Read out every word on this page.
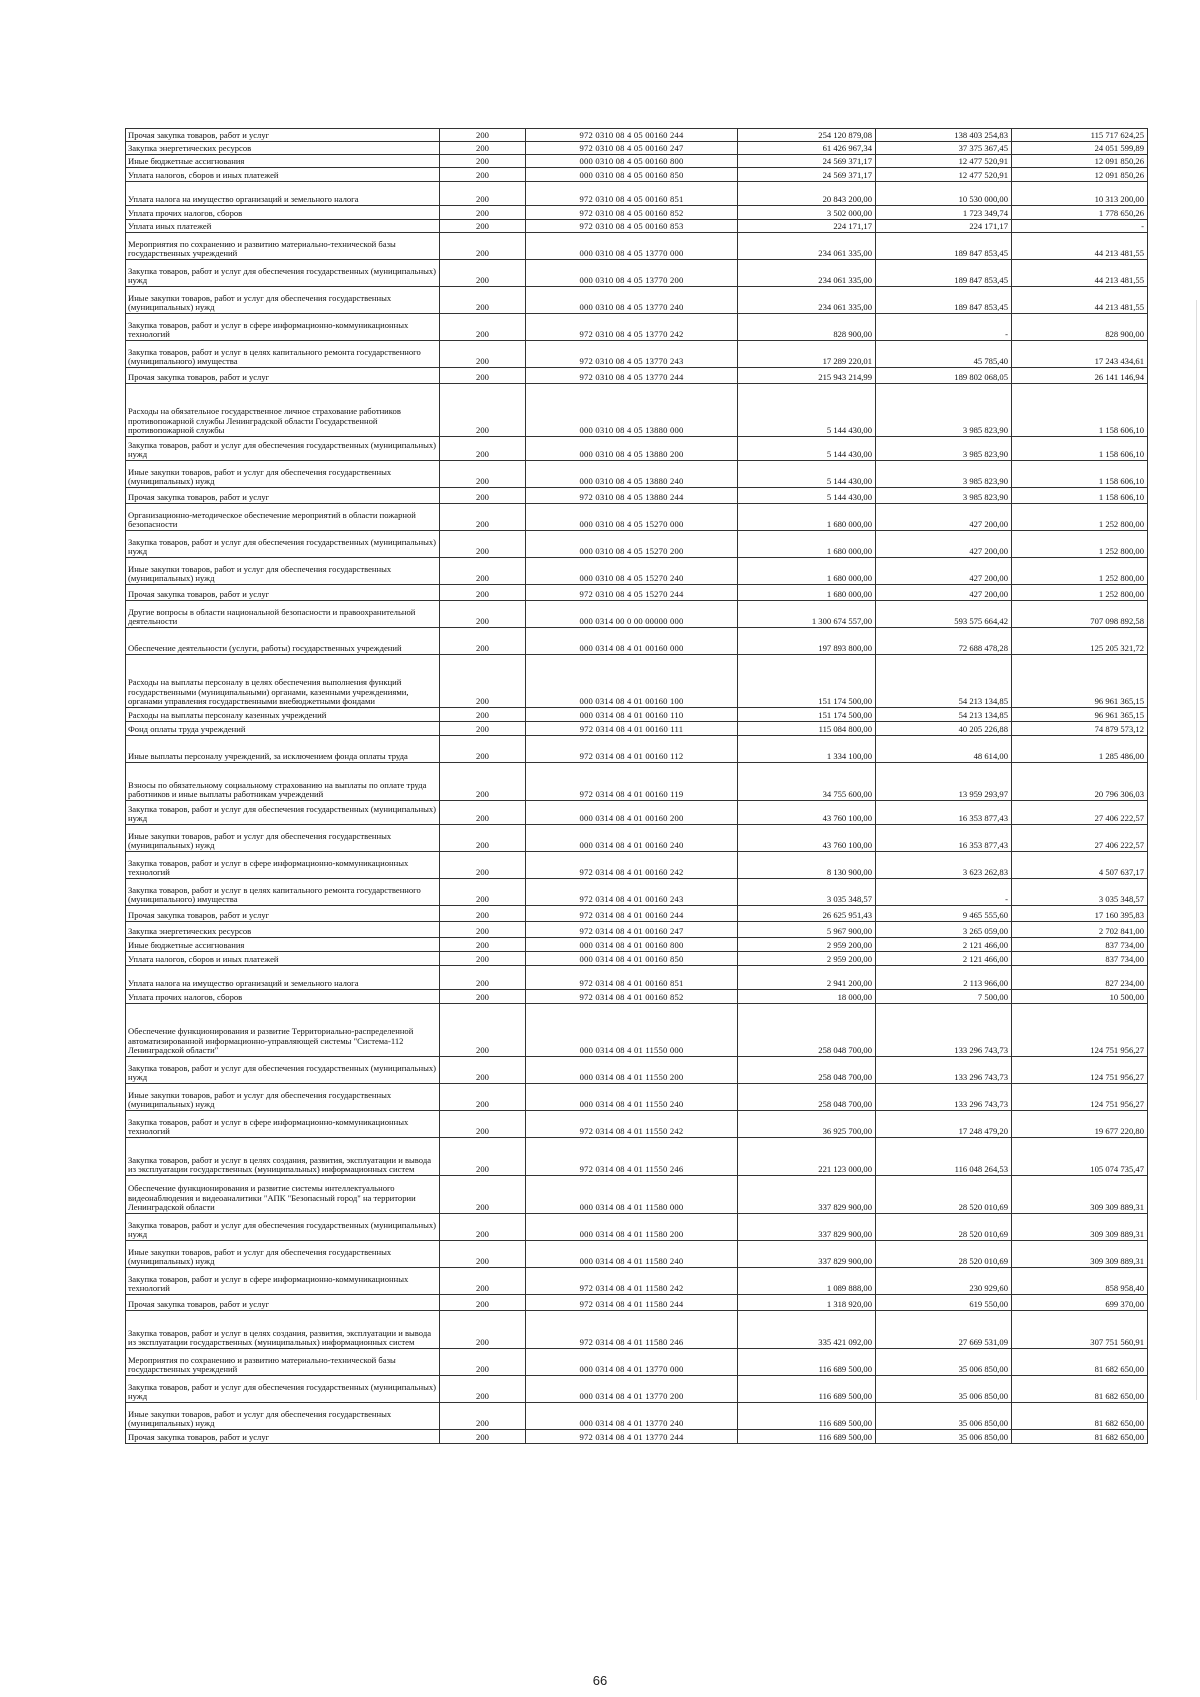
Прочая закупка товаров, работ и услуг	200	972 0310 08 4 05 00160 244	254 120 879,08	138 403 254,83	115 717 624,25
Закупка энергетических ресурсов	200	972 0310 08 4 05 00160 247	61 426 967,34	37 375 367,45	24 051 599,89
Иные бюджетные ассигнования	200	000 0310 08 4 05 00160 800	24 569 371,17	12 477 520,91	12 091 850,26
Уплата налогов, сборов и иных платежей	200	000 0310 08 4 05 00160 850	24 569 371,17	12 477 520,91	12 091 850,26
Уплата налога на имущество организаций и земельного налога	200	972 0310 08 4 05 00160 851	20 843 200,00	10 530 000,00	10 313 200,00
Уплата прочих налогов, сборов	200	972 0310 08 4 05 00160 852	3 502 000,00	1 723 349,74	1 778 650,26
Уплата иных платежей	200	972 0310 08 4 05 00160 853	224 171,17	224 171,17	-
Мероприятия по сохранению и развитию материально-технической базы государственных учреждений	200	000 0310 08 4 05 13770 000	234 061 335,00	189 847 853,45	44 213 481,55
Закупка товаров, работ и услуг для обеспечения государственных (муниципальных) нужд	200	000 0310 08 4 05 13770 200	234 061 335,00	189 847 853,45	44 213 481,55
Иные закупки товаров, работ и услуг для обеспечения государственных (муниципальных) нужд	200	000 0310 08 4 05 13770 240	234 061 335,00	189 847 853,45	44 213 481,55
Закупка товаров, работ и услуг в сфере информационно-коммуникационных технологий	200	972 0310 08 4 05 13770 242	828 900,00	-	828 900,00
Закупка товаров, работ и услуг в целях капитального ремонта государственного (муниципального) имущества	200	972 0310 08 4 05 13770 243	17 289 220,01	45 785,40	17 243 434,61
Прочая закупка товаров, работ и услуг	200	972 0310 08 4 05 13770 244	215 943 214,99	189 802 068,05	26 141 146,94
Расходы на обязательное государственное личное страхование работников противопожарной службы Ленинградской области Государственной противопожарной службы	200	000 0310 08 4 05 13880 000	5 144 430,00	3 985 823,90	1 158 606,10
Закупка товаров, работ и услуг для обеспечения государственных (муниципальных) нужд	200	000 0310 08 4 05 13880 200	5 144 430,00	3 985 823,90	1 158 606,10
Иные закупки товаров, работ и услуг для обеспечения государственных (муниципальных) нужд	200	000 0310 08 4 05 13880 240	5 144 430,00	3 985 823,90	1 158 606,10
Прочая закупка товаров, работ и услуг	200	972 0310 08 4 05 13880 244	5 144 430,00	3 985 823,90	1 158 606,10
Организационно-методическое обеспечение мероприятий в области пожарной безопасности	200	000 0310 08 4 05 15270 000	1 680 000,00	427 200,00	1 252 800,00
Закупка товаров, работ и услуг для обеспечения государственных (муниципальных) нужд	200	000 0310 08 4 05 15270 200	1 680 000,00	427 200,00	1 252 800,00
Иные закупки товаров, работ и услуг для обеспечения государственных (муниципальных) нужд	200	000 0310 08 4 05 15270 240	1 680 000,00	427 200,00	1 252 800,00
Прочая закупка товаров, работ и услуг	200	972 0310 08 4 05 15270 244	1 680 000,00	427 200,00	1 252 800,00
Другие вопросы в области национальной безопасности и правоохранительной деятельности	200	000 0314 00 0 00 00000 000	1 300 674 557,00	593 575 664,42	707 098 892,58
Обеспечение деятельности (услуги, работы) государственных учреждений	200	000 0314 08 4 01 00160 000	197 893 800,00	72 688 478,28	125 205 321,72
Расходы на выплаты персоналу в целях обеспечения выполнения функций государственными (муниципальными) органами, казенными учреждениями, органами управления государственными внебюджетными фондами	200	000 0314 08 4 01 00160 100	151 174 500,00	54 213 134,85	96 961 365,15
Расходы на выплаты персоналу казенных учреждений	200	000 0314 08 4 01 00160 110	151 174 500,00	54 213 134,85	96 961 365,15
Фонд оплаты труда учреждений	200	972 0314 08 4 01 00160 111	115 084 800,00	40 205 226,88	74 879 573,12
Иные выплаты персоналу учреждений, за исключением фонда оплаты труда	200	972 0314 08 4 01 00160 112	1 334 100,00	48 614,00	1 285 486,00
Взносы по обязательному социальному страхованию на выплаты по оплате труда работников и иные выплаты работникам учреждений	200	972 0314 08 4 01 00160 119	34 755 600,00	13 959 293,97	20 796 306,03
Закупка товаров, работ и услуг для обеспечения государственных (муниципальных) нужд	200	000 0314 08 4 01 00160 200	43 760 100,00	16 353 877,43	27 406 222,57
Иные закупки товаров, работ и услуг для обеспечения государственных (муниципальных) нужд	200	000 0314 08 4 01 00160 240	43 760 100,00	16 353 877,43	27 406 222,57
Закупка товаров, работ и услуг в сфере информационно-коммуникационных технологий	200	972 0314 08 4 01 00160 242	8 130 900,00	3 623 262,83	4 507 637,17
Закупка товаров, работ и услуг в целях капитального ремонта государственного (муниципального) имущества	200	972 0314 08 4 01 00160 243	3 035 348,57	-	3 035 348,57
Прочая закупка товаров, работ и услуг	200	972 0314 08 4 01 00160 244	26 625 951,43	9 465 555,60	17 160 395,83
Закупка энергетических ресурсов	200	972 0314 08 4 01 00160 247	5 967 900,00	3 265 059,00	2 702 841,00
Иные бюджетные ассигнования	200	000 0314 08 4 01 00160 800	2 959 200,00	2 121 466,00	837 734,00
Уплата налогов, сборов и иных платежей	200	000 0314 08 4 01 00160 850	2 959 200,00	2 121 466,00	837 734,00
Уплата налога на имущество организаций и земельного налога	200	972 0314 08 4 01 00160 851	2 941 200,00	2 113 966,00	827 234,00
Уплата прочих налогов, сборов	200	972 0314 08 4 01 00160 852	18 000,00	7 500,00	10 500,00
Обеспечение функционирования и развитие Территориально-распределенной автоматизированной информационно-управляющей системы "Система-112 Ленинградской области"	200	000 0314 08 4 01 11550 000	258 048 700,00	133 296 743,73	124 751 956,27
Закупка товаров, работ и услуг для обеспечения государственных (муниципальных) нужд	200	000 0314 08 4 01 11550 200	258 048 700,00	133 296 743,73	124 751 956,27
Иные закупки товаров, работ и услуг для обеспечения государственных (муниципальных) нужд	200	000 0314 08 4 01 11550 240	258 048 700,00	133 296 743,73	124 751 956,27
Закупка товаров, работ и услуг в сфере информационно-коммуникационных технологий	200	972 0314 08 4 01 11550 242	36 925 700,00	17 248 479,20	19 677 220,80
Закупка товаров, работ и услуг в целях создания, развития, эксплуатации и вывода из эксплуатации государственных (муниципальных) информационных систем	200	972 0314 08 4 01 11550 246	221 123 000,00	116 048 264,53	105 074 735,47
Обеспечение функционирования и развитие системы интеллектуального видеонаблюдения и видеоаналитики "АПК "Безопасный город" на территории Ленинградской области	200	000 0314 08 4 01 11580 000	337 829 900,00	28 520 010,69	309 309 889,31
Закупка товаров, работ и услуг для обеспечения государственных (муниципальных) нужд	200	000 0314 08 4 01 11580 200	337 829 900,00	28 520 010,69	309 309 889,31
Иные закупки товаров, работ и услуг для обеспечения государственных (муниципальных) нужд	200	000 0314 08 4 01 11580 240	337 829 900,00	28 520 010,69	309 309 889,31
Закупка товаров, работ и услуг в сфере информационно-коммуникационных технологий	200	972 0314 08 4 01 11580 242	1 089 888,00	230 929,60	858 958,40
Прочая закупка товаров, работ и услуг	200	972 0314 08 4 01 11580 244	1 318 920,00	619 550,00	699 370,00
Закупка товаров, работ и услуг в целях создания, развития, эксплуатации и вывода из эксплуатации государственных (муниципальных) информационных систем	200	972 0314 08 4 01 11580 246	335 421 092,00	27 669 531,09	307 751 560,91
Мероприятия по сохранению и развитию материально-технической базы государственных учреждений	200	000 0314 08 4 01 13770 000	116 689 500,00	35 006 850,00	81 682 650,00
Закупка товаров, работ и услуг для обеспечения государственных (муниципальных) нужд	200	000 0314 08 4 01 13770 200	116 689 500,00	35 006 850,00	81 682 650,00
Иные закупки товаров, работ и услуг для обеспечения государственных (муниципальных) нужд	200	000 0314 08 4 01 13770 240	116 689 500,00	35 006 850,00	81 682 650,00
Прочая закупка товаров, работ и услуг	200	972 0314 08 4 01 13770 244	116 689 500,00	35 006 850,00	81 682 650,00
66
